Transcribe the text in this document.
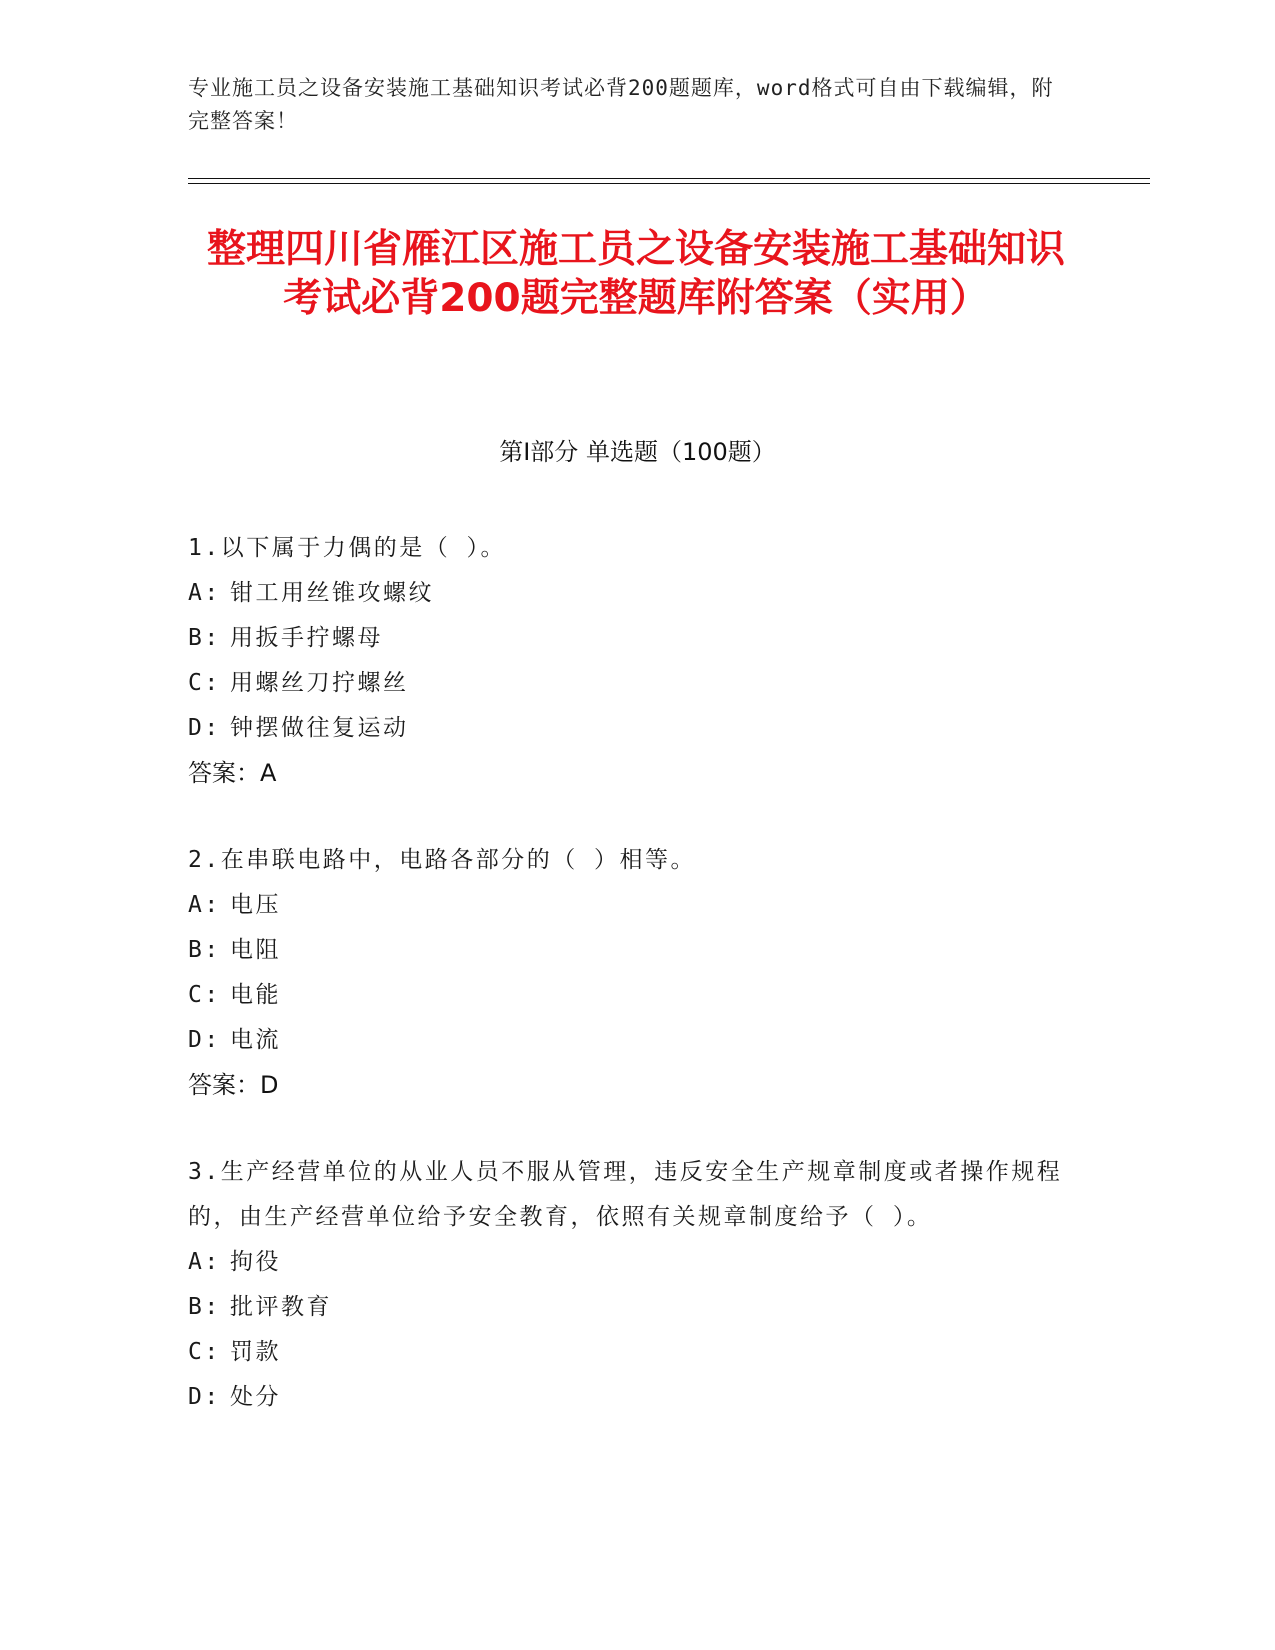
专业施工员之设备安装施工基础知识考试必背200题题库，word格式可自由下载编辑，附完整答案！
整理四川省雁江区施工员之设备安装施工基础知识考试必背200题完整题库附答案（实用）
第I部分 单选题（100题）
1.以下属于力偶的是（ ）。
A: 钳工用丝锥攻螺纹
B: 用扳手拧螺母
C: 用螺丝刀拧螺丝
D: 钟摆做往复运动
答案：A
2.在串联电路中，电路各部分的（ ）相等。
A: 电压
B: 电阻
C: 电能
D: 电流
答案：D
3.生产经营单位的从业人员不服从管理，违反安全生产规章制度或者操作规程的，由生产经营单位给予安全教育，依照有关规章制度给予（ ）。
A: 拘役
B: 批评教育
C: 罚款
D: 处分
